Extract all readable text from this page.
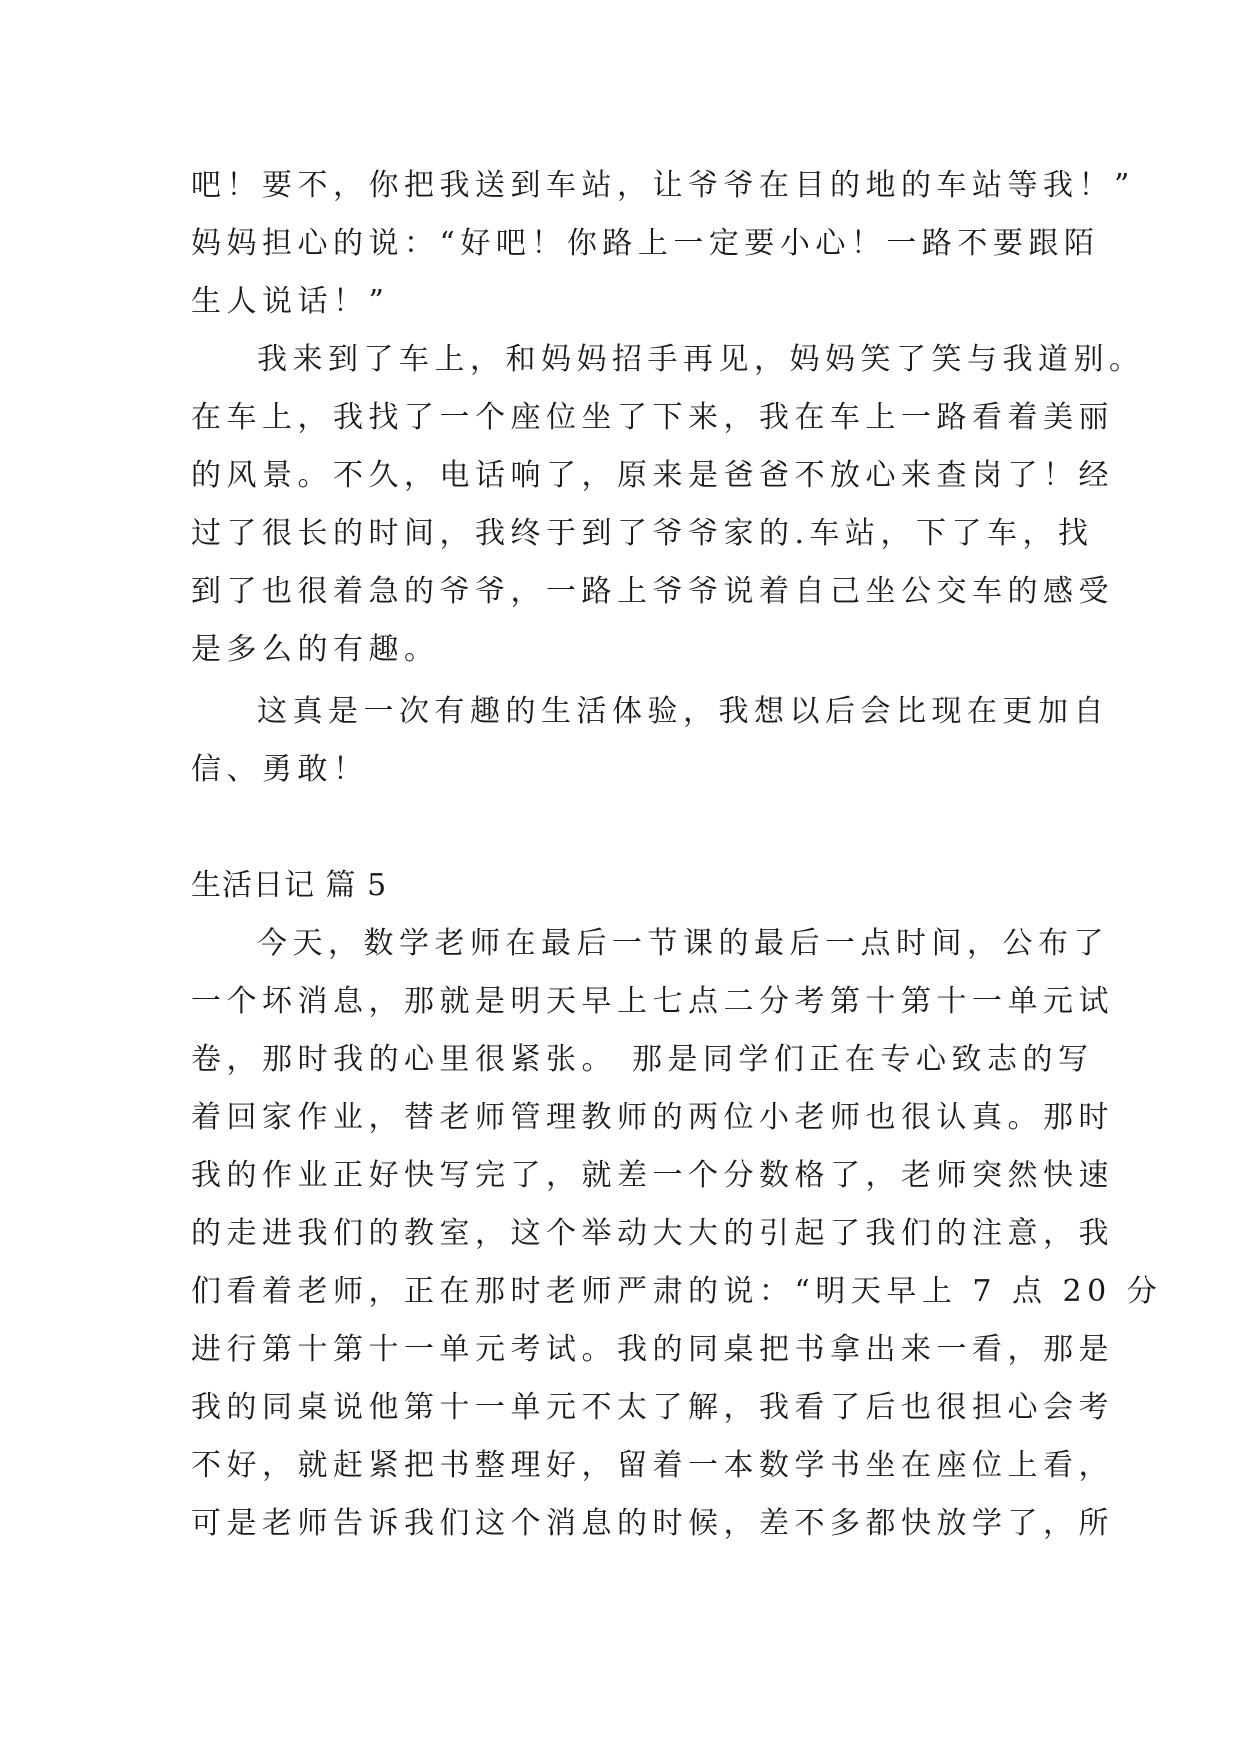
吧！要不，你把我送到车站，让爷爷在目的地的车站等我！”
妈妈担心的说：“好吧！你路上一定要小心！一路不要跟陌
生人说话！”
我来到了车上，和妈妈招手再见，妈妈笑了笑与我道别。
在车上，我找了一个座位坐了下来，我在车上一路看着美丽
的风景。不久，电话响了，原来是爸爸不放心来查岗了！经
过了很长的时间，我终于到了爷爷家的.车站，下了车，找
到了也很着急的爷爷，一路上爷爷说着自己坐公交车的感受
是多么的有趣。
这真是一次有趣的生活体验，我想以后会比现在更加自
信、勇敢！
生活日记 篇 5
今天，数学老师在最后一节课的最后一点时间，公布了
一个坏消息，那就是明天早上七点二分考第十第十一单元试
卷，那时我的心里很紧张。 那是同学们正在专心致志的写
着回家作业，替老师管理教师的两位小老师也很认真。那时
我的作业正好快写完了，就差一个分数格了，老师突然快速
的走进我们的教室，这个举动大大的引起了我们的注意，我
们看着老师，正在那时老师严肃的说：“明天早上 7 点 20 分
进行第十第十一单元考试。我的同桌把书拿出来一看，那是
我的同桌说他第十一单元不太了解，我看了后也很担心会考
不好，就赶紧把书整理好，留着一本数学书坐在座位上看，
可是老师告诉我们这个消息的时候，差不多都快放学了，所
